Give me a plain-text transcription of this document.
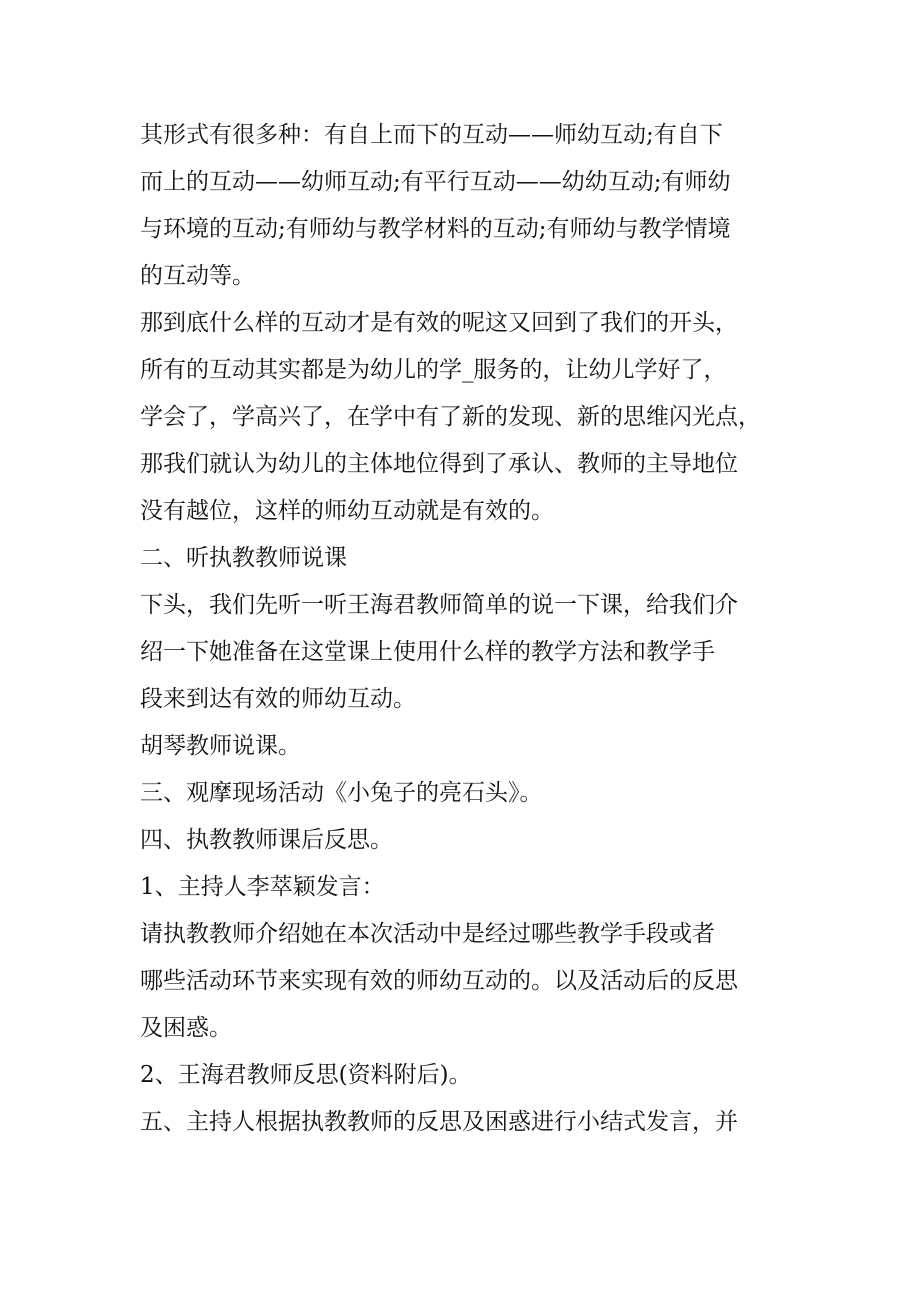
其形式有很多种：有自上而下的互动——师幼互动;有自下
而上的互动——幼师互动;有平行互动——幼幼互动;有师幼
与环境的互动;有师幼与教学材料的互动;有师幼与教学情境
的互动等。
那到底什么样的互动才是有效的呢这又回到了我们的开头，
所有的互动其实都是为幼儿的学_服务的，让幼儿学好了，
学会了，学高兴了，在学中有了新的发现、新的思维闪光点，
那我们就认为幼儿的主体地位得到了承认、教师的主导地位
没有越位，这样的师幼互动就是有效的。
二、听执教教师说课
下头，我们先听一听王海君教师简单的说一下课，给我们介
绍一下她准备在这堂课上使用什么样的教学方法和教学手
段来到达有效的师幼互动。
胡琴教师说课。
三、观摩现场活动《小兔子的亮石头》。
四、执教教师课后反思。
1、主持人李萃颖发言：
请执教教师介绍她在本次活动中是经过哪些教学手段或者
哪些活动环节来实现有效的师幼互动的。以及活动后的反思
及困惑。
2、王海君教师反思(资料附后)。
五、主持人根据执教教师的反思及困惑进行小结式发言，并
